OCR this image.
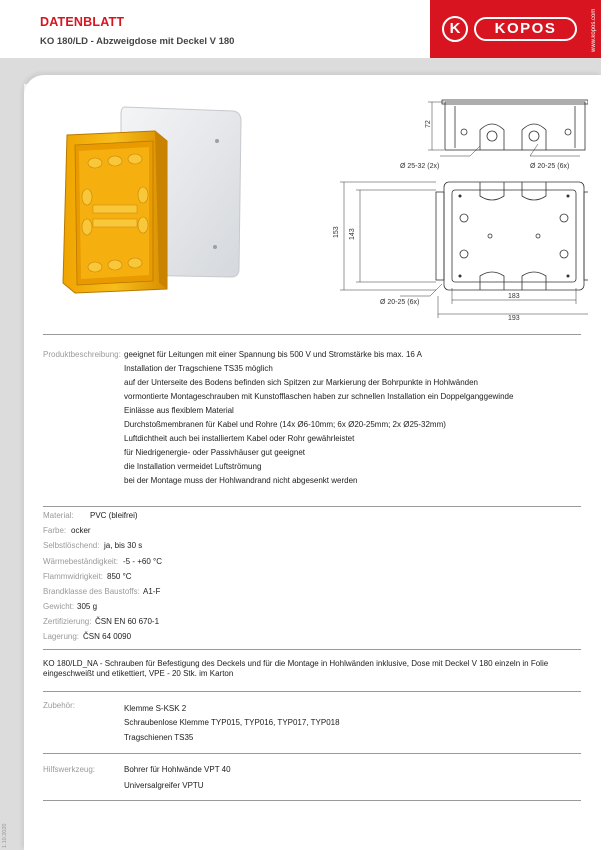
DATENBLATT
KO 180/LD - Abzweigdose mit Deckel V 180
K	KOPOS	www.kopos.com
1.10.2020
72
153 143
183
193
Ø 25-32 (2x)	Ø 20-25 (6x)
Ø 20-25 (6x)
Produktbeschreibung: geeignet für Leitungen mit einer Spannung bis 500 V und Stromstärke bis max. 16 A
Installation der Tragschiene TS35 möglich
auf der Unterseite des Bodens befinden sich Spitzen zur Markierung der Bohrpunkte in Hohlwänden
vormontierte Montageschrauben mit Kunstofflaschen haben zur schnellen Installation ein Doppelganggewinde
Einlässe aus flexiblem Material
Durchstoßmembranen für Kabel und Rohre (14x Ø6-10mm; 6x Ø20-25mm; 2x Ø25-32mm)
Luftdichtheit auch bei installiertem Kabel oder Rohr gewährleistet
für Niedrigenergie- oder Passivhäuser gut geeignet
die Installation vermeidet Luftströmung
bei der Montage muss der Hohlwandrand nicht abgesenkt werden
Material: PVC (bleifrei)
Farbe: ocker
Selbstlöschend: ja, bis 30 s
Wärmebeständigkeit: -5 - +60 °C
Flammwidrigkeit: 850 °C
Brandklasse des Baustoffs: A1-F
Gewicht: 305 g
Zertifizierung: ČSN EN 60 670-1
Lagerung: ČSN 64 0090
KO 180/LD_NA - Schrauben für Befestigung des Deckels und für die Montage in Hohlwänden inklusive, Dose mit Deckel V 180 einzeln in Folie eingeschweißt und etikettiert, VPE - 20 Stk. im Karton
Zubehör:	Klemme S-KSK 2
Schraubenlose Klemme TYP015, TYP016, TYP017, TYP018
Tragschienen TS35
Hilfswerkzeug:	Bohrer für Hohlwände VPT 40
Universalgreifer VPTU
